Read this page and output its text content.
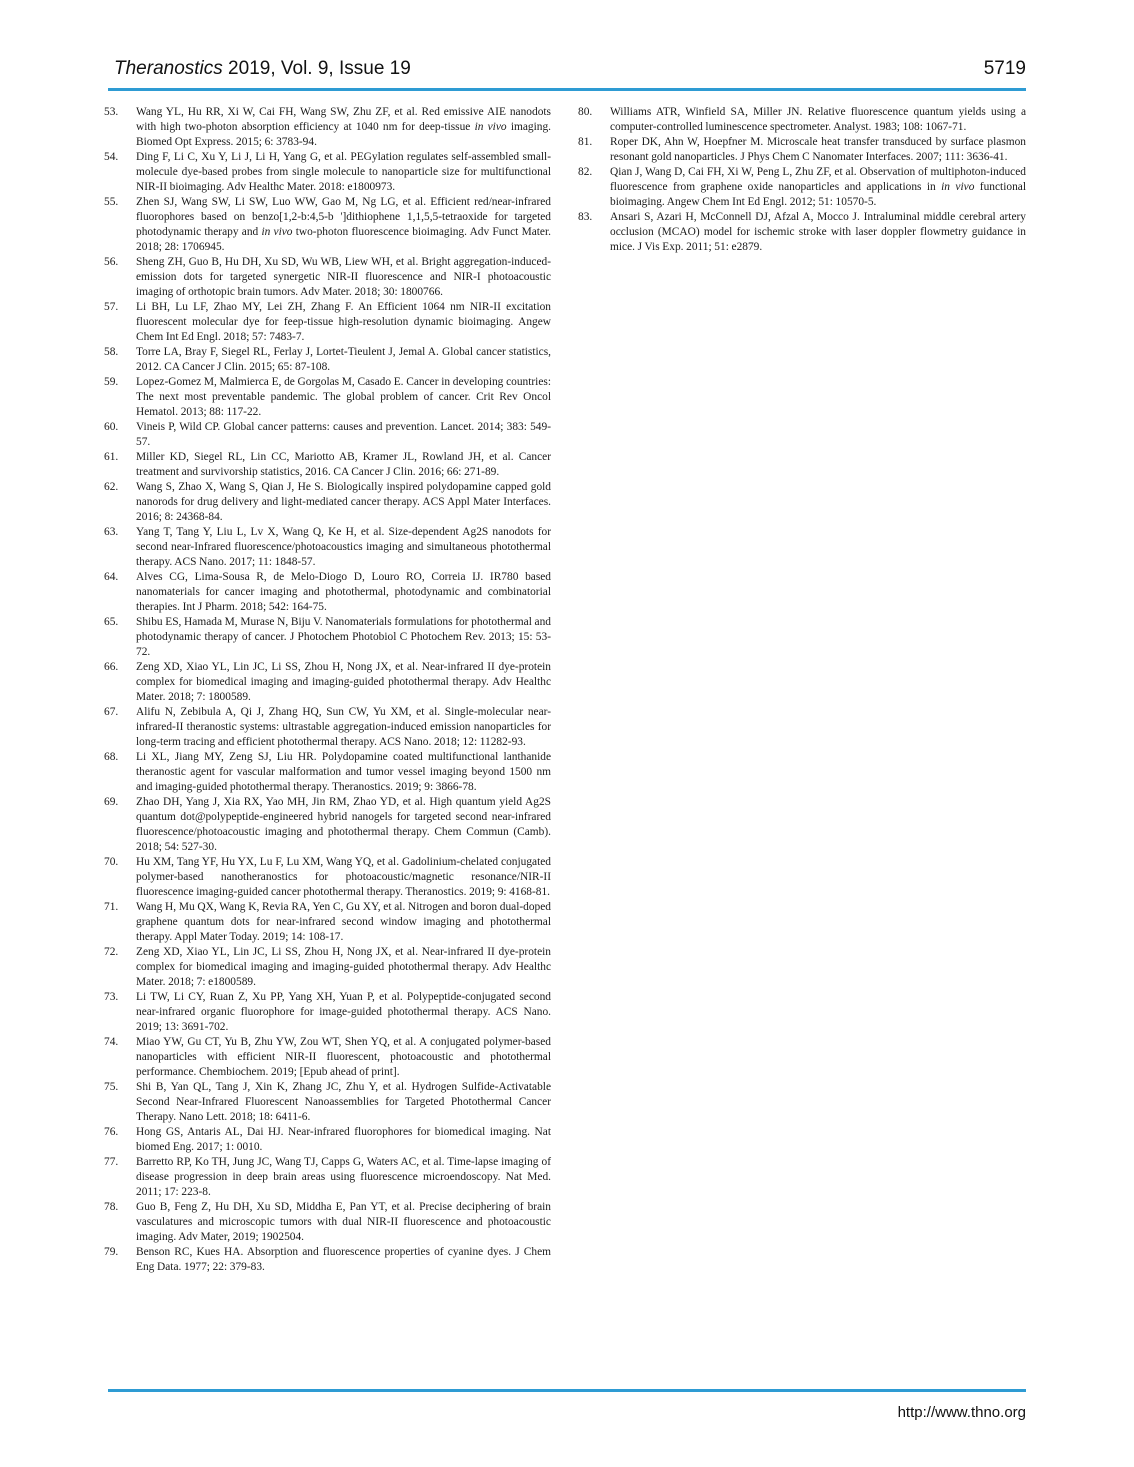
Theranostics 2019, Vol. 9, Issue 19	5719
53.	Wang YL, Hu RR, Xi W, Cai FH, Wang SW, Zhu ZF, et al. Red emissive AIE nanodots with high two-photon absorption efficiency at 1040 nm for deep-tissue in vivo imaging. Biomed Opt Express. 2015; 6: 3783-94.
54.	Ding F, Li C, Xu Y, Li J, Li H, Yang G, et al. PEGylation regulates self-assembled small-molecule dye-based probes from single molecule to nanoparticle size for multifunctional NIR-II bioimaging. Adv Healthc Mater. 2018: e1800973.
55.	Zhen SJ, Wang SW, Li SW, Luo WW, Gao M, Ng LG, et al. Efficient red/near-infrared fluorophores based on benzo[1,2-b:4,5-b ']dithiophene 1,1,5,5-tetraoxide for targeted photodynamic therapy and in vivo two-photon fluorescence bioimaging. Adv Funct Mater. 2018; 28: 1706945.
56.	Sheng ZH, Guo B, Hu DH, Xu SD, Wu WB, Liew WH, et al. Bright aggregation-induced-emission dots for targeted synergetic NIR-II fluorescence and NIR-I photoacoustic imaging of orthotopic brain tumors. Adv Mater. 2018; 30: 1800766.
57.	Li BH, Lu LF, Zhao MY, Lei ZH, Zhang F. An Efficient 1064 nm NIR-II excitation fluorescent molecular dye for feep-tissue high-resolution dynamic bioimaging. Angew Chem Int Ed Engl. 2018; 57: 7483-7.
58.	Torre LA, Bray F, Siegel RL, Ferlay J, Lortet-Tieulent J, Jemal A. Global cancer statistics, 2012. CA Cancer J Clin. 2015; 65: 87-108.
59.	Lopez-Gomez M, Malmierca E, de Gorgolas M, Casado E. Cancer in developing countries: The next most preventable pandemic. The global problem of cancer. Crit Rev Oncol Hematol. 2013; 88: 117-22.
60.	Vineis P, Wild CP. Global cancer patterns: causes and prevention. Lancet. 2014; 383: 549-57.
61.	Miller KD, Siegel RL, Lin CC, Mariotto AB, Kramer JL, Rowland JH, et al. Cancer treatment and survivorship statistics, 2016. CA Cancer J Clin. 2016; 66: 271-89.
62.	Wang S, Zhao X, Wang S, Qian J, He S. Biologically inspired polydopamine capped gold nanorods for drug delivery and light-mediated cancer therapy. ACS Appl Mater Interfaces. 2016; 8: 24368-84.
63.	Yang T, Tang Y, Liu L, Lv X, Wang Q, Ke H, et al. Size-dependent Ag2S nanodots for second near-Infrared fluorescence/photoacoustics imaging and simultaneous photothermal therapy. ACS Nano. 2017; 11: 1848-57.
64.	Alves CG, Lima-Sousa R, de Melo-Diogo D, Louro RO, Correia IJ. IR780 based nanomaterials for cancer imaging and photothermal, photodynamic and combinatorial therapies. Int J Pharm. 2018; 542: 164-75.
65.	Shibu ES, Hamada M, Murase N, Biju V. Nanomaterials formulations for photothermal and photodynamic therapy of cancer. J Photochem Photobiol C Photochem Rev. 2013; 15: 53-72.
66.	Zeng XD, Xiao YL, Lin JC, Li SS, Zhou H, Nong JX, et al. Near-infrared II dye-protein complex for biomedical imaging and imaging-guided photothermal therapy. Adv Healthc Mater. 2018; 7: 1800589.
67.	Alifu N, Zebibula A, Qi J, Zhang HQ, Sun CW, Yu XM, et al. Single-molecular near-infrared-II theranostic systems: ultrastable aggregation-induced emission nanoparticles for long-term tracing and efficient photothermal therapy. ACS Nano. 2018; 12: 11282-93.
68.	Li XL, Jiang MY, Zeng SJ, Liu HR. Polydopamine coated multifunctional lanthanide theranostic agent for vascular malformation and tumor vessel imaging beyond 1500 nm and imaging-guided photothermal therapy. Theranostics. 2019; 9: 3866-78.
69.	Zhao DH, Yang J, Xia RX, Yao MH, Jin RM, Zhao YD, et al. High quantum yield Ag2S quantum dot@polypeptide-engineered hybrid nanogels for targeted second near-infrared fluorescence/photoacoustic imaging and photothermal therapy. Chem Commun (Camb). 2018; 54: 527-30.
70.	Hu XM, Tang YF, Hu YX, Lu F, Lu XM, Wang YQ, et al. Gadolinium-chelated conjugated polymer-based nanotheranostics for photoacoustic/magnetic resonance/NIR-II fluorescence imaging-guided cancer photothermal therapy. Theranostics. 2019; 9: 4168-81.
71.	Wang H, Mu QX, Wang K, Revia RA, Yen C, Gu XY, et al. Nitrogen and boron dual-doped graphene quantum dots for near-infrared second window imaging and photothermal therapy. Appl Mater Today. 2019; 14: 108-17.
72.	Zeng XD, Xiao YL, Lin JC, Li SS, Zhou H, Nong JX, et al. Near-infrared II dye-protein complex for biomedical imaging and imaging-guided photothermal therapy. Adv Healthc Mater. 2018; 7: e1800589.
73.	Li TW, Li CY, Ruan Z, Xu PP, Yang XH, Yuan P, et al. Polypeptide-conjugated second near-infrared organic fluorophore for image-guided photothermal therapy. ACS Nano. 2019; 13: 3691-702.
74.	Miao YW, Gu CT, Yu B, Zhu YW, Zou WT, Shen YQ, et al. A conjugated polymer-based nanoparticles with efficient NIR-II fluorescent, photoacoustic and photothermal performance. Chembiochem. 2019; [Epub ahead of print].
75.	Shi B, Yan QL, Tang J, Xin K, Zhang JC, Zhu Y, et al. Hydrogen Sulfide-Activatable Second Near-Infrared Fluorescent Nanoassemblies for Targeted Photothermal Cancer Therapy. Nano Lett. 2018; 18: 6411-6.
76.	Hong GS, Antaris AL, Dai HJ. Near-infrared fluorophores for biomedical imaging. Nat biomed Eng. 2017; 1: 0010.
77.	Barretto RP, Ko TH, Jung JC, Wang TJ, Capps G, Waters AC, et al. Time-lapse imaging of disease progression in deep brain areas using fluorescence microendoscopy. Nat Med. 2011; 17: 223-8.
78.	Guo B, Feng Z, Hu DH, Xu SD, Middha E, Pan YT, et al. Precise deciphering of brain vasculatures and microscopic tumors with dual NIR-II fluorescence and photoacoustic imaging. Adv Mater, 2019; 1902504.
79.	Benson RC, Kues HA. Absorption and fluorescence properties of cyanine dyes. J Chem Eng Data. 1977; 22: 379-83.
80.	Williams ATR, Winfield SA, Miller JN. Relative fluorescence quantum yields using a computer-controlled luminescence spectrometer. Analyst. 1983; 108: 1067-71.
81.	Roper DK, Ahn W, Hoepfner M. Microscale heat transfer transduced by surface plasmon resonant gold nanoparticles. J Phys Chem C Nanomater Interfaces. 2007; 111: 3636-41.
82.	Qian J, Wang D, Cai FH, Xi W, Peng L, Zhu ZF, et al. Observation of multiphoton-induced fluorescence from graphene oxide nanoparticles and applications in in vivo functional bioimaging. Angew Chem Int Ed Engl. 2012; 51: 10570-5.
83.	Ansari S, Azari H, McConnell DJ, Afzal A, Mocco J. Intraluminal middle cerebral artery occlusion (MCAO) model for ischemic stroke with laser doppler flowmetry guidance in mice. J Vis Exp. 2011; 51: e2879.
http://www.thno.org
